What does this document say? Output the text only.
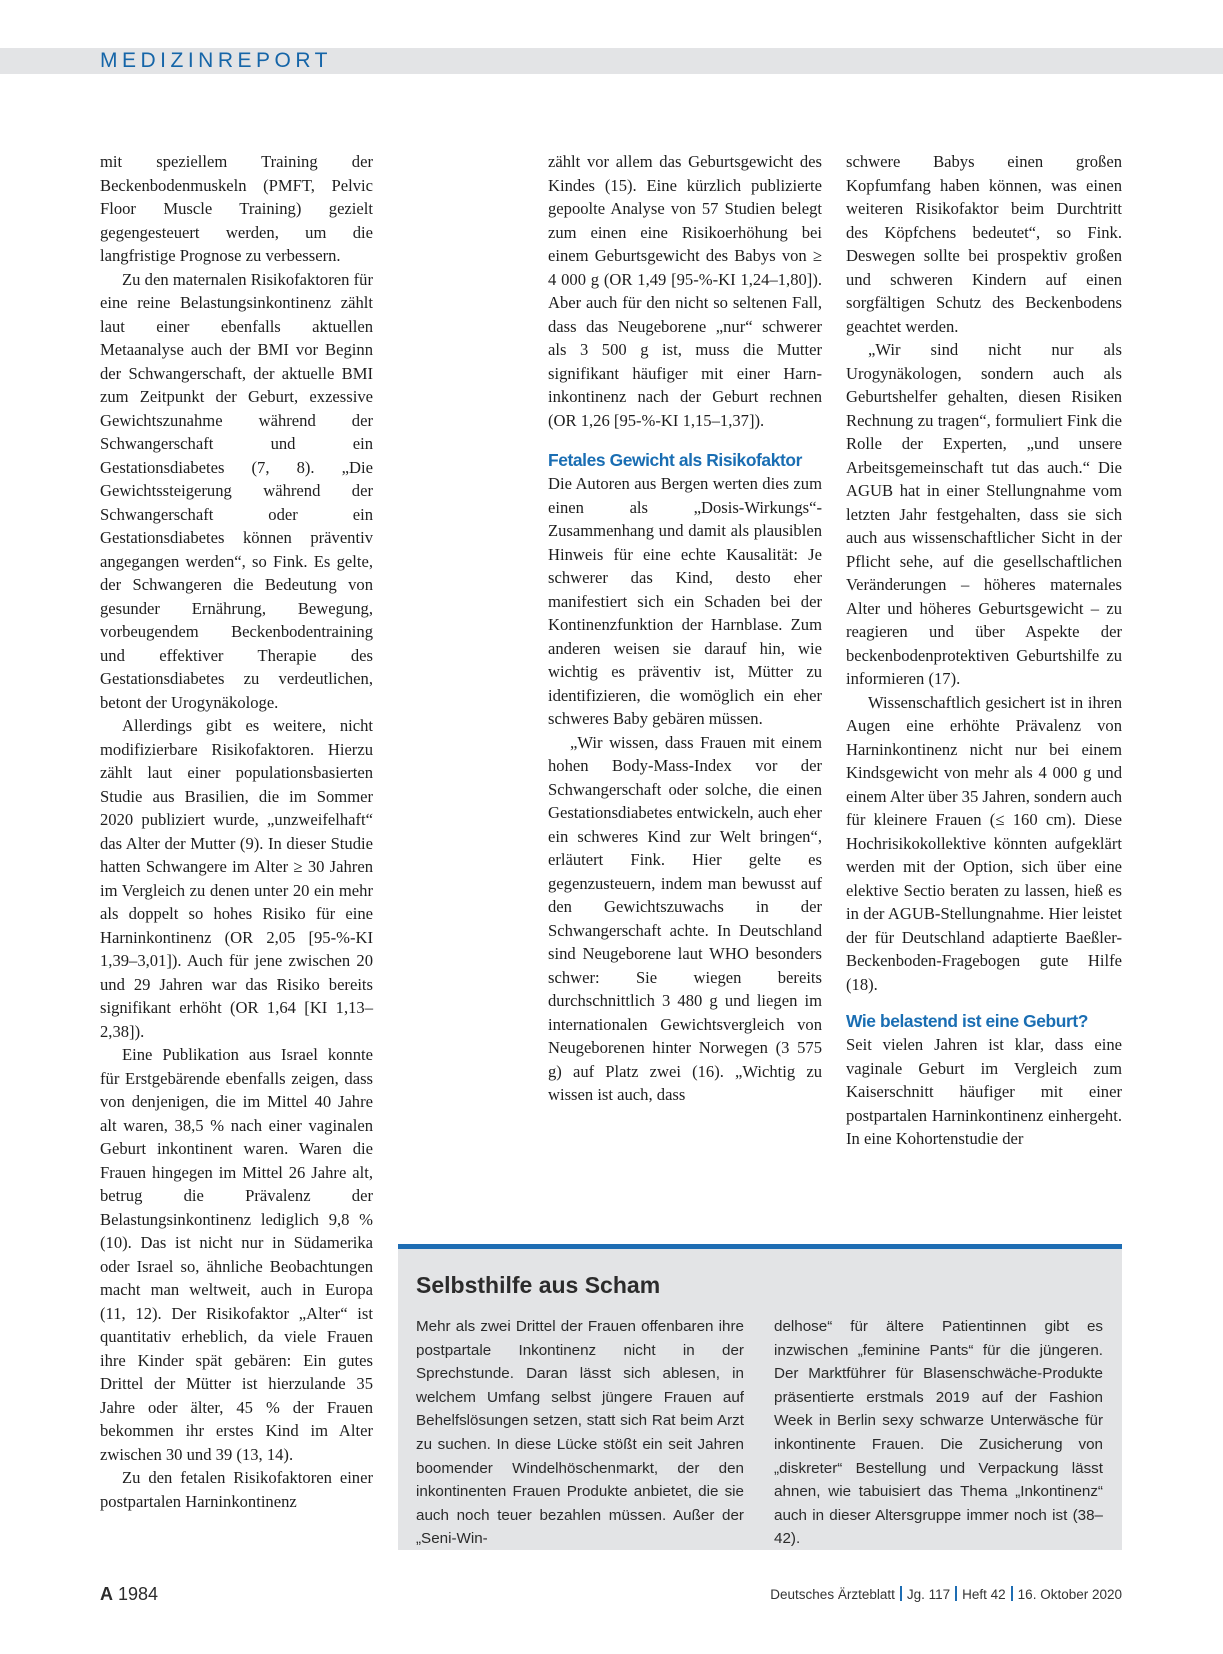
MEDIZINREPORT

mit speziellem Training der Beckenbodenmuskeln (PMFT, Pelvic Floor Muscle Training) gezielt gegengesteuert werden, um die langfristige Prognose zu verbessern.

Zu den maternalen Risikofaktoren für eine reine Belastungsinkontinenz zählt laut einer ebenfalls aktuellen Metaanalyse auch der BMI vor Beginn der Schwangerschaft, der aktuelle BMI zum Zeitpunkt der Geburt, exzessive Gewichtszunahme während der Schwangerschaft und ein Gestationsdiabetes (7, 8). „Die Gewichtssteigerung während der Schwangerschaft oder ein Gestationsdiabetes können präventiv angegangen werden“, so Fink. Es gelte, der Schwangeren die Bedeutung von gesunder Ernährung, Bewegung, vorbeugendem Beckenbodentraining und effektiver Therapie des Gestationsdiabetes zu verdeutlichen, betont der Urogynäkologe.

Allerdings gibt es weitere, nicht modifizierbare Risikofaktoren. Hierzu zählt laut einer populationsbasierten Studie aus Brasilien, die im Sommer 2020 publiziert wurde, „unzweifelhaft“ das Alter der Mutter (9). In dieser Studie hatten Schwangere im Alter ≥ 30 Jahren im Vergleich zu denen unter 20 ein mehr als doppelt so hohes Risiko für eine Harninkontinenz (OR 2,05 [95-%-KI 1,39–3,01]). Auch für jene zwischen 20 und 29 Jahren war das Risiko bereits signifikant erhöht (OR 1,64 [KI 1,13–2,38]).

Eine Publikation aus Israel konnte für Erstgebärende ebenfalls zeigen, dass von denjenigen, die im Mittel 40 Jahre alt waren, 38,5 % nach einer vaginalen Geburt inkontinent waren. Waren die Frauen hingegen im Mittel 26 Jahre alt, betrug die Prävalenz der Belastungsinkontinenz lediglich 9,8 % (10). Das ist nicht nur in Südamerika oder Israel so, ähnliche Beobachtungen macht man weltweit, auch in Europa (11, 12). Der Risikofaktor „Alter“ ist quantitativ erheblich, da viele Frauen ihre Kinder spät gebären: Ein gutes Drittel der Mütter ist hierzulande 35 Jahre oder älter, 45 % der Frauen bekommen ihr erstes Kind im Alter zwischen 30 und 39 (13, 14).

Zu den fetalen Risikofaktoren einer postpartalen Harninkontinenz

zählt vor allem das Geburtsgewicht des Kindes (15). Eine kürzlich publizierte gepoolte Analyse von 57 Studien belegt zum einen eine Risikoerhöhung bei einem Geburtsgewicht des Babys von ≥ 4 000 g (OR 1,49 [95-%-KI 1,24–1,80]). Aber auch für den nicht so seltenen Fall, dass das Neugeborene „nur“ schwerer als 3 500 g ist, muss die Mutter signifikant häufiger mit einer Harn-inkontinenz nach der Geburt rechnen (OR 1,26 [95-%-KI 1,15–1,37]).

Fetales Gewicht als Risikofaktor

Die Autoren aus Bergen werten dies zum einen als „Dosis-Wirkungs“-Zusammenhang und damit als plausiblen Hinweis für eine echte Kausalität: Je schwerer das Kind, desto eher manifestiert sich ein Schaden bei der Kontinenzfunktion der Harnblase. Zum anderen weisen sie darauf hin, wie wichtig es präventiv ist, Mütter zu identifizieren, die womöglich ein eher schweres Baby gebären müssen.

„Wir wissen, dass Frauen mit einem hohen Body-Mass-Index vor der Schwangerschaft oder solche, die einen Gestationsdiabetes entwickeln, auch eher ein schweres Kind zur Welt bringen“, erläutert Fink. Hier gelte es gegenzusteuern, indem man bewusst auf den Gewichtszuwachs in der Schwangerschaft achte. In Deutschland sind Neugeborene laut WHO besonders schwer: Sie wiegen bereits durchschnittlich 3 480 g und liegen im internationalen Gewichtsvergleich von Neugeborenen hinter Norwegen (3 575 g) auf Platz zwei (16). „Wichtig zu wissen ist auch, dass

schwere Babys einen großen Kopfumfang haben können, was einen weiteren Risikofaktor beim Durchtritt des Köpfchens bedeutet“, so Fink. Deswegen sollte bei prospektiv großen und schweren Kindern auf einen sorgfältigen Schutz des Beckenbodens geachtet werden.

„Wir sind nicht nur als Urogynäkologen, sondern auch als Geburtshelfer gehalten, diesen Risiken Rechnung zu tragen“, formuliert Fink die Rolle der Experten, „und unsere Arbeitsgemeinschaft tut das auch.“ Die AGUB hat in einer Stellungnahme vom letzten Jahr festgehalten, dass sie sich auch aus wissenschaftlicher Sicht in der Pflicht sehe, auf die gesellschaftlichen Veränderungen – höheres maternales Alter und höheres Geburtsgewicht – zu reagieren und über Aspekte der beckenbodenprotektiven Geburtshilfe zu informieren (17).

Wissenschaftlich gesichert ist in ihren Augen eine erhöhte Prävalenz von Harninkontinenz nicht nur bei einem Kindsgewicht von mehr als 4 000 g und einem Alter über 35 Jahren, sondern auch für kleinere Frauen (≤ 160 cm). Diese Hochrisikokollektive könnten aufgeklärt werden mit der Option, sich über eine elektive Sectio beraten zu lassen, hieß es in der AGUB-Stellungnahme. Hier leistet der für Deutschland adaptierte Baeßler-Beckenboden-Fragebogen gute Hilfe (18).

Wie belastend ist eine Geburt?

Seit vielen Jahren ist klar, dass eine vaginale Geburt im Vergleich zum Kaiserschnitt häufiger mit einer postpartalen Harninkontinenz einhergeht. In eine Kohortenstudie der

Selbsthilfe aus Scham
Mehr als zwei Drittel der Frauen offenbaren ihre postpartale Inkontinenz nicht in der Sprechstunde. Daran lässt sich ablesen, in welchem Umfang selbst jüngere Frauen auf Behelfslösungen setzen, statt sich Rat beim Arzt zu suchen. In diese Lücke stößt ein seit Jahren boomender Windelhöschenmarkt, der den inkontinenten Frauen Produkte anbietet, die sie auch noch teuer bezahlen müssen. Außer der „Seni-Win-
delhose“ für ältere Patientinnen gibt es inzwischen „feminine Pants“ für die jüngeren. Der Marktführer für Blasenschwäche-Produkte präsentierte erstmals 2019 auf der Fashion Week in Berlin sexy schwarze Unterwäsche für inkontinente Frauen. Die Zusicherung von „diskreter“ Bestellung und Verpackung lässt ahnen, wie tabuisiert das Thema „Inkontinenz“ auch in dieser Altersgruppe immer noch ist (38–42).
A 1984	Deutsches Ärzteblatt Jg. 117 Heft 42 16. Oktober 2020
